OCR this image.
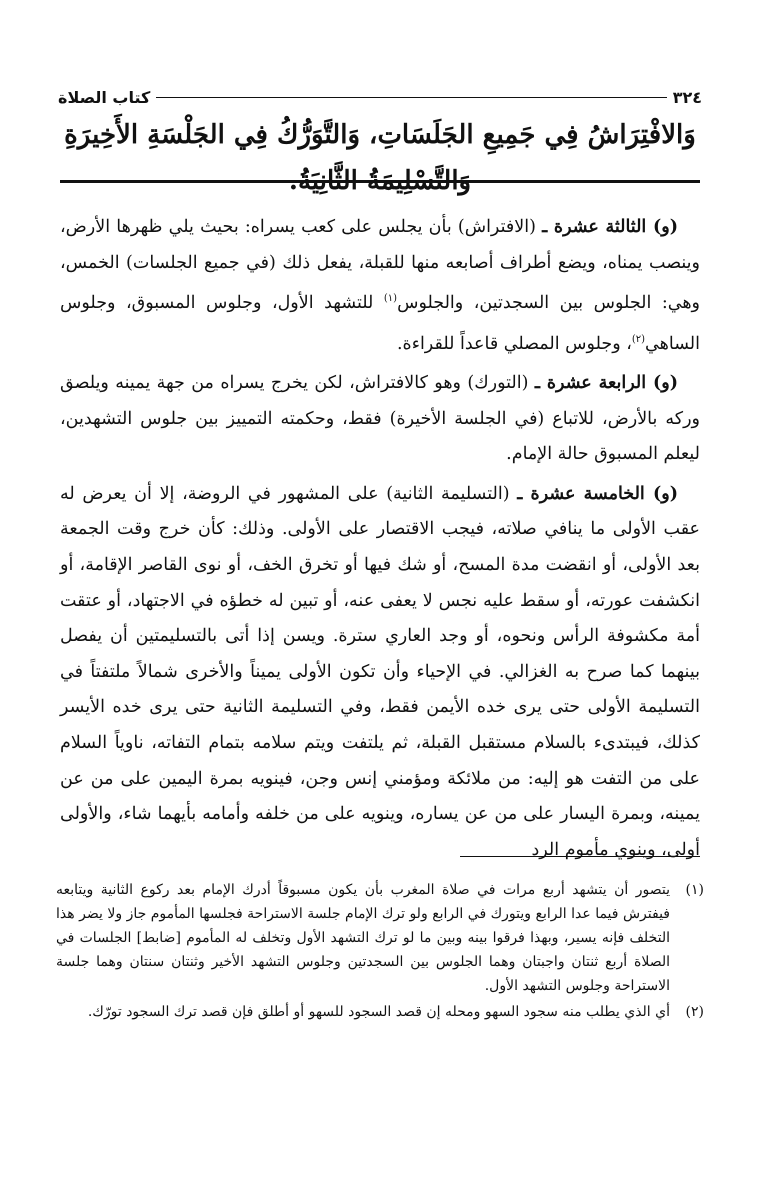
٣٢٤
كتاب الصلاة
وَالافْتِرَاشُ فِي جَمِيعِ الجَلَسَاتِ، وَالتَّوَرُّكُ فِي الجَلْسَةِ الأَخِيرَةِ وَالتَّسْلِيمَةُ الثَّانِيَةُ.

(و) الثالثة عشرة ـ (الافتراش) بأن يجلس على كعب يسراه: بحيث يلي ظهرها الأرض، وينصب يمناه، ويضع أطراف أصابعه منها للقبلة، يفعل ذلك (في جميع الجلسات) الخمس، وهي: الجلوس بين السجدتين، والجلوس$^{(١)}$ للتشهد الأول، وجلوس المسبوق، وجلوس الساهي$^{(٢)}$، وجلوس المصلي قاعداً للقراءة.

(و) الرابعة عشرة ـ (التورك) وهو كالافتراش، لكن يخرج يسراه من جهة يمينه ويلصق وركه بالأرض، للاتباع (في الجلسة الأخيرة) فقط، وحكمته التمييز بين جلوس التشهدين، ليعلم المسبوق حالة الإمام.

(و) الخامسة عشرة ـ (التسليمة الثانية) على المشهور في الروضة، إلا أن يعرض له عقب الأولى ما ينافي صلاته، فيجب الاقتصار على الأولى. وذلك: كأن خرج وقت الجمعة بعد الأولى، أو انقضت مدة المسح، أو شك فيها أو تخرق الخف، أو نوى القاصر الإقامة، أو انكشفت عورته، أو سقط عليه نجس لا يعفى عنه، أو تبين له خطؤه في الاجتهاد، أو عتقت أمة مكشوفة الرأس ونحوه، أو وجد العاري سترة. ويسن إذا أتى بالتسليمتين أن يفصل بينهما كما صرح به الغزالي. في الإحياء وأن تكون الأولى يميناً والأخرى شمالاً ملتفتاً في التسليمة الأولى حتى يرى خده الأيمن فقط، وفي التسليمة الثانية حتى يرى خده الأيسر كذلك، فيبتدىء بالسلام مستقبل القبلة، ثم يلتفت ويتم سلامه بتمام التفاته، ناوياً السلام على من التفت هو إليه: من ملائكة ومؤمني إنس وجن، فينويه بمرة اليمين على من عن يمينه، وبمرة اليسار على من عن يساره، وينويه على من خلفه وأمامه بأيهما شاء، والأولى أولى، وينوي مأموم الرد

(١)
يتصور أن يتشهد أربع مرات في صلاة المغرب بأن يكون مسبوقاً أدرك الإمام بعد ركوع الثانية ويتابعه فيفترش فيما عدا الرابع ويتورك في الرابع ولو ترك الإمام جلسة الاستراحة فجلسها المأموم جاز ولا يضر هذا التخلف فإنه يسير، وبهذا فرقوا بينه وبين ما لو ترك التشهد الأول وتخلف له المأموم [ضابط] الجلسات في الصلاة أربع ثنتان واجبتان وهما الجلوس بين السجدتين وجلوس التشهد الأخير وثنتان سنتان وهما جلسة الاستراحة وجلوس التشهد الأول.
(٢)
أي الذي يطلب منه سجود السهو ومحله إن قصد السجود للسهو أو أطلق فإن قصد ترك السجود تورّك.
